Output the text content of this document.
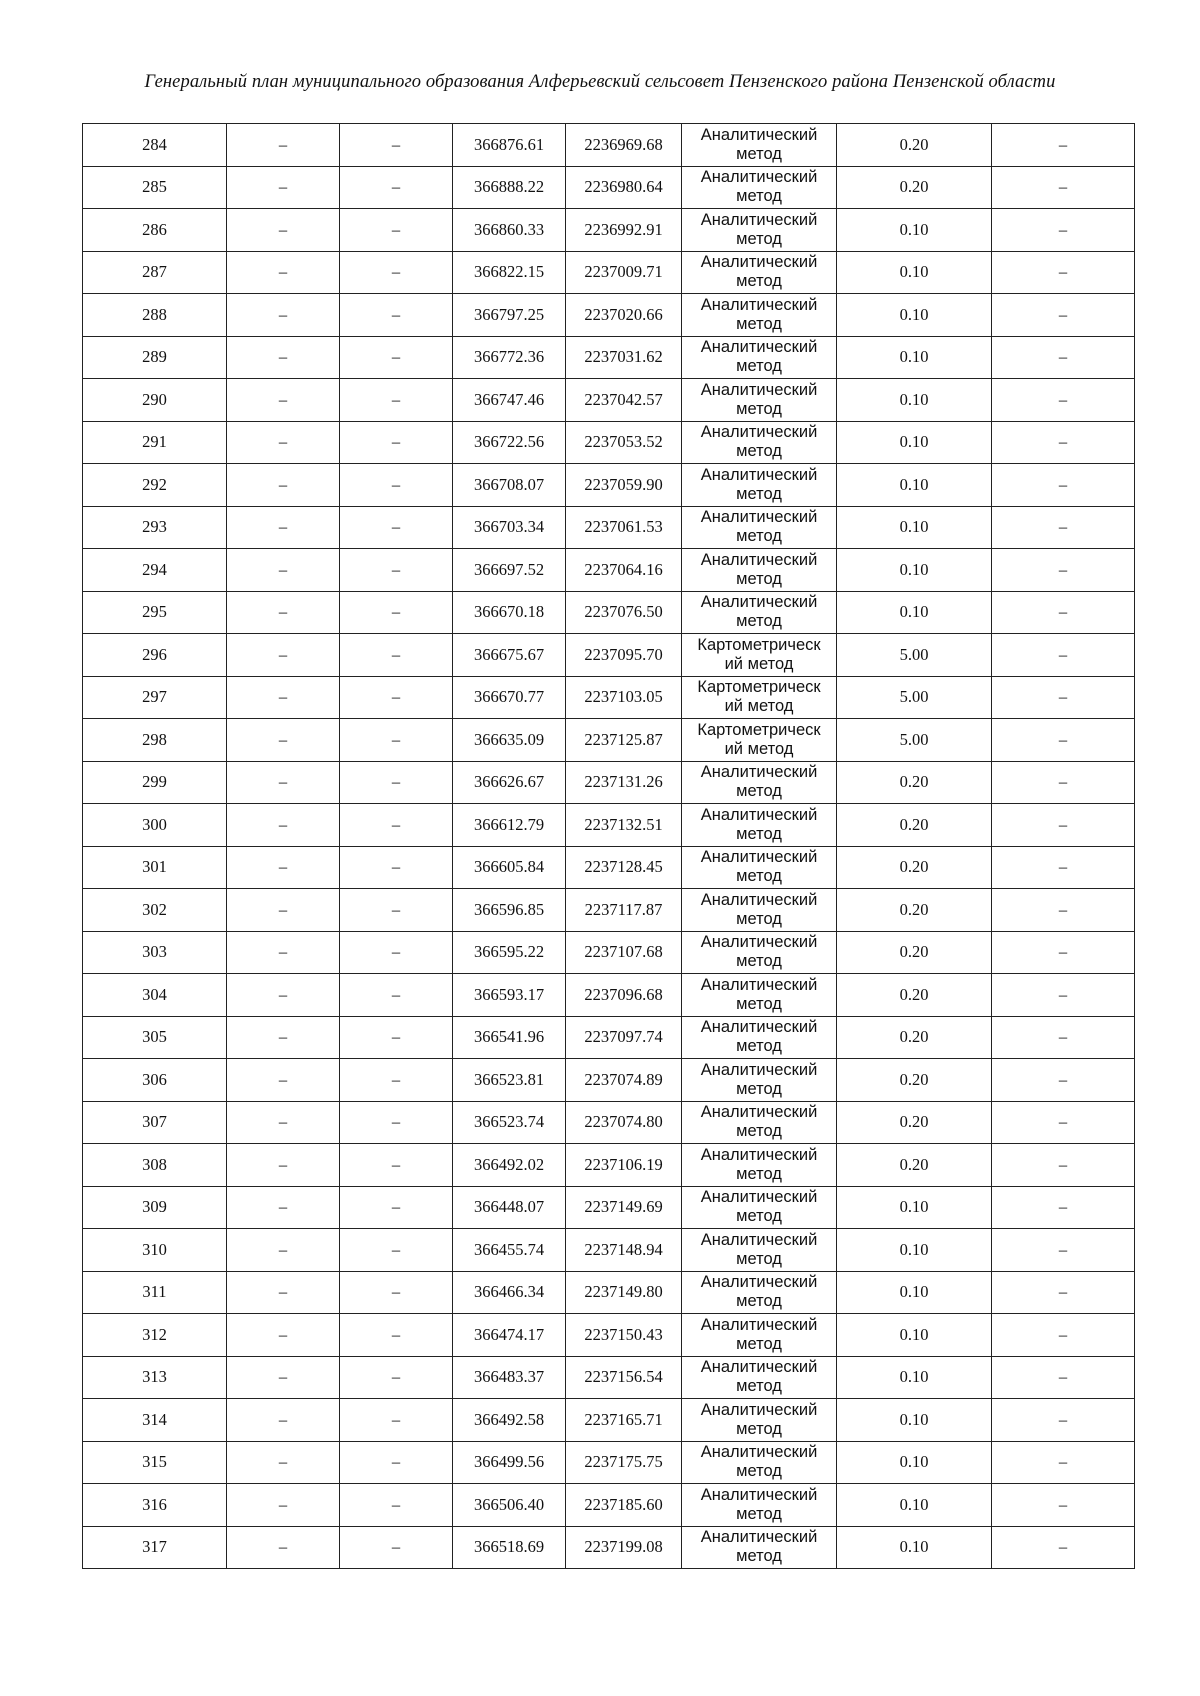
Генеральный план муниципального образования Алферьевский сельсовет Пензенского района Пензенской области
284	–	–	366876.61	2236969.68	Аналитический
метод	0.20	–
285	–	–	366888.22	2236980.64	Аналитический
метод	0.20	–
286	–	–	366860.33	2236992.91	Аналитический
метод	0.10	–
287	–	–	366822.15	2237009.71	Аналитический
метод	0.10	–
288	–	–	366797.25	2237020.66	Аналитический
метод	0.10	–
289	–	–	366772.36	2237031.62	Аналитический
метод	0.10	–
290	–	–	366747.46	2237042.57	Аналитический
метод	0.10	–
291	–	–	366722.56	2237053.52	Аналитический
метод	0.10	–
292	–	–	366708.07	2237059.90	Аналитический
метод	0.10	–
293	–	–	366703.34	2237061.53	Аналитический
метод	0.10	–
294	–	–	366697.52	2237064.16	Аналитический
метод	0.10	–
295	–	–	366670.18	2237076.50	Аналитический
метод	0.10	–
296	–	–	366675.67	2237095.70	Картометрическ
ий метод	5.00	–
297	–	–	366670.77	2237103.05	Картометрическ
ий метод	5.00	–
298	–	–	366635.09	2237125.87	Картометрическ
ий метод	5.00	–
299	–	–	366626.67	2237131.26	Аналитический
метод	0.20	–
300	–	–	366612.79	2237132.51	Аналитический
метод	0.20	–
301	–	–	366605.84	2237128.45	Аналитический
метод	0.20	–
302	–	–	366596.85	2237117.87	Аналитический
метод	0.20	–
303	–	–	366595.22	2237107.68	Аналитический
метод	0.20	–
304	–	–	366593.17	2237096.68	Аналитический
метод	0.20	–
305	–	–	366541.96	2237097.74	Аналитический
метод	0.20	–
306	–	–	366523.81	2237074.89	Аналитический
метод	0.20	–
307	–	–	366523.74	2237074.80	Аналитический
метод	0.20	–
308	–	–	366492.02	2237106.19	Аналитический
метод	0.20	–
309	–	–	366448.07	2237149.69	Аналитический
метод	0.10	–
310	–	–	366455.74	2237148.94	Аналитический
метод	0.10	–
311	–	–	366466.34	2237149.80	Аналитический
метод	0.10	–
312	–	–	366474.17	2237150.43	Аналитический
метод	0.10	–
313	–	–	366483.37	2237156.54	Аналитический
метод	0.10	–
314	–	–	366492.58	2237165.71	Аналитический
метод	0.10	–
315	–	–	366499.56	2237175.75	Аналитический
метод	0.10	–
316	–	–	366506.40	2237185.60	Аналитический
метод	0.10	–
317	–	–	366518.69	2237199.08	Аналитический
метод	0.10	–
